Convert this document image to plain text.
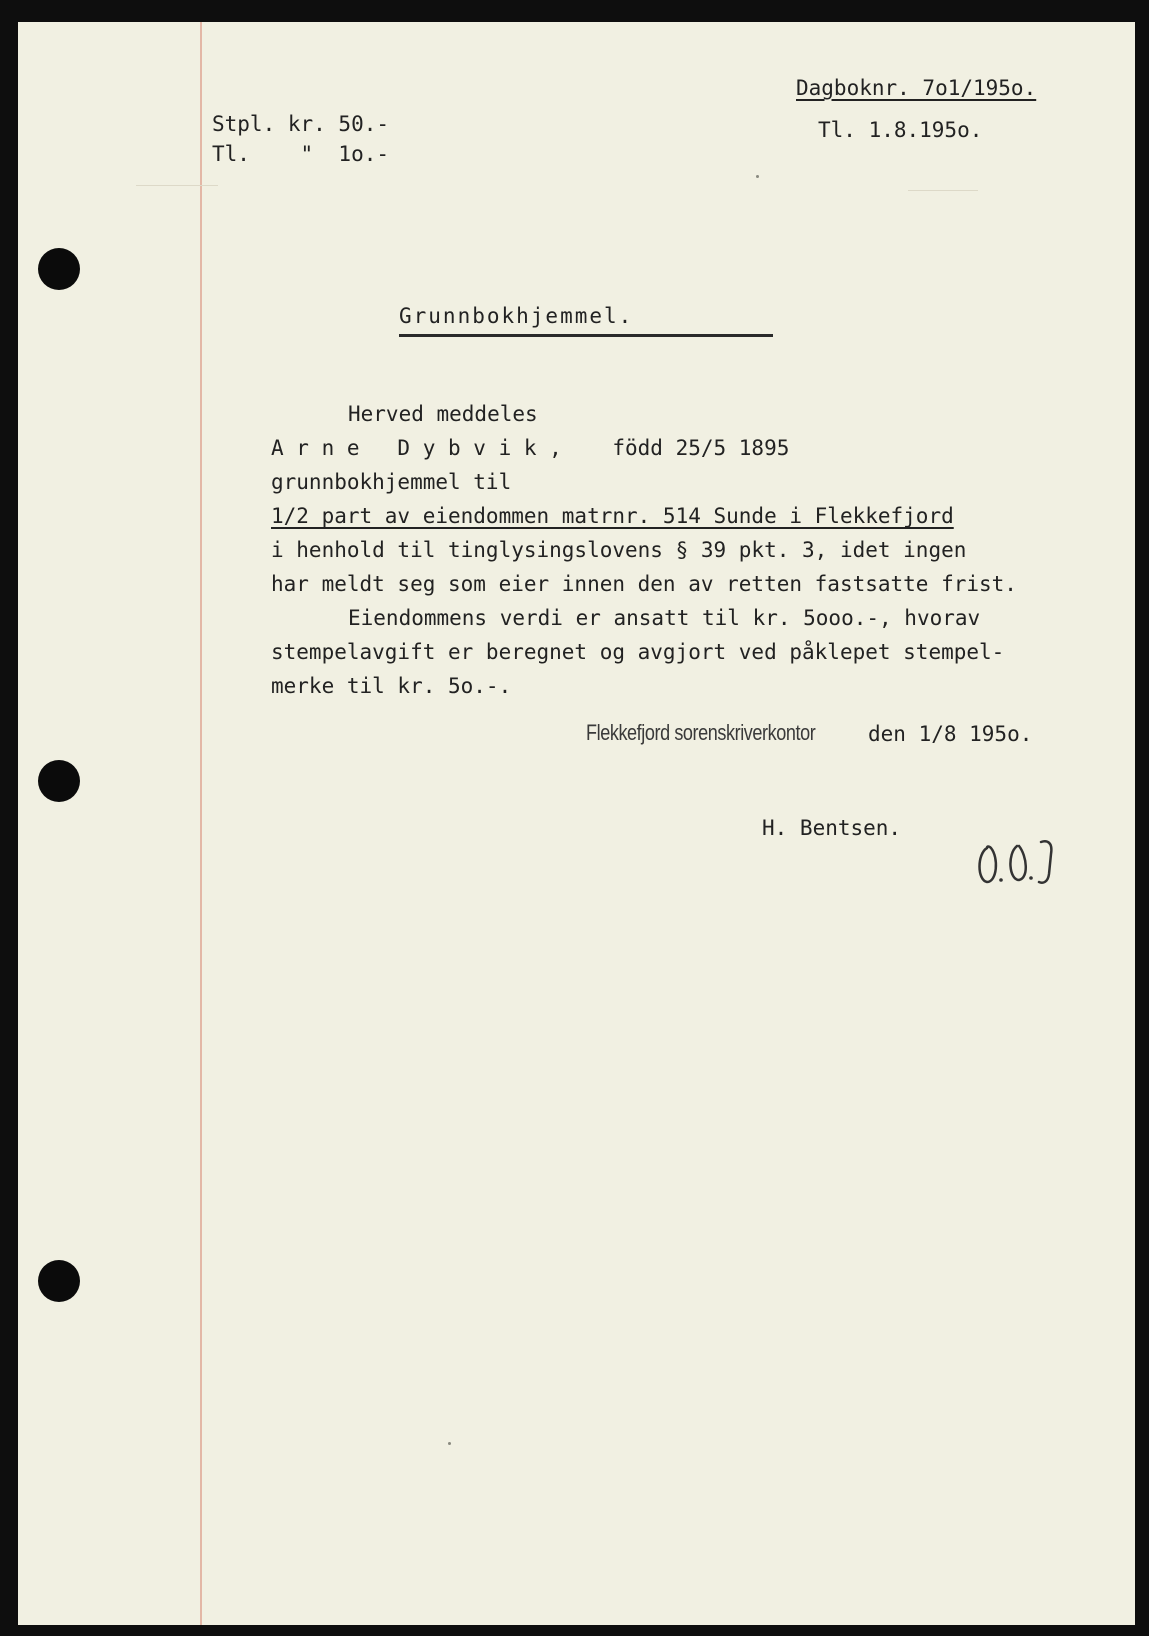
Dagboknr. 7o1/195o.

Tl. 1.8.195o.

Stpl. kr. 50.-

Tl.    "  1o.-

Grunnbokhjemmel.

Herved meddeles

A r n e   D y b v i k ,    född 25/5 1895

grunnbokhjemmel til

1/2 part av eiendommen matrnr. 514 Sunde i Flekkefjord

i henhold til tinglysingslovens § 39 pkt. 3, idet ingen

har meldt seg som eier innen den av retten fastsatte frist.

Eiendommens verdi er ansatt til kr. 5ooo.-, hvorav

stempelavgift er beregnet og avgjort ved påklepet stempel-

merke til kr. 5o.-.

Flekkefjord sorenskriverkontor	den 1/8 195o.

H. Bentsen.
